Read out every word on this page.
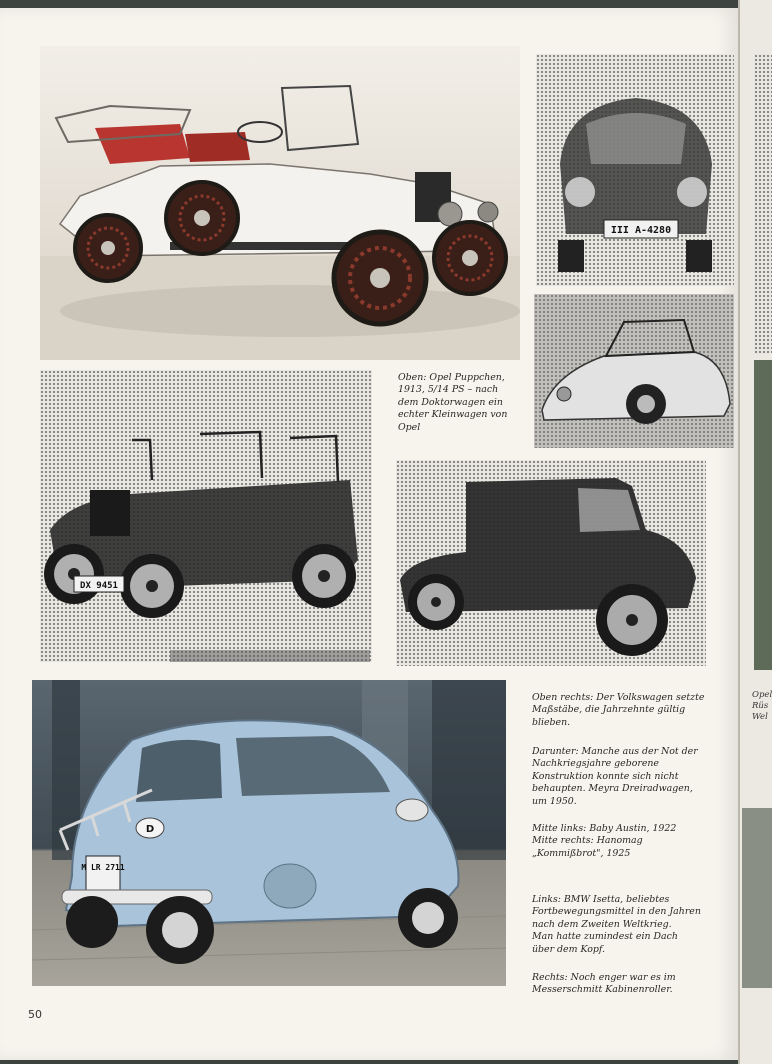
III A-4280

Oben: Opel Puppchen,

1913, 5/14 PS – nach

dem Doktorwagen ein

echter Kleinwagen von

Opel

DX 9451
D
M LR 2711

Oben rechts: Der Volkswagen setzte

Maßstäbe, die Jahrzehnte gültig

blieben.

Darunter: Manche aus der Not der

Nachkriegsjahre geborene

Konstruktion konnte sich nicht

behaupten. Meyra Dreiradwagen,

um 1950.

Mitte links: Baby Austin, 1922

Mitte rechts: Hanomag

„Kommißbrot", 1925

Links: BMW Isetta, beliebtes

Fortbewegungsmittel in den Jahren

nach dem Zweiten Weltkrieg.

Man hatte zumindest ein Dach

über dem Kopf.

Rechts: Noch enger war es im

Messerschmitt Kabinenroller.

50
Opel
Rüs
Wel
